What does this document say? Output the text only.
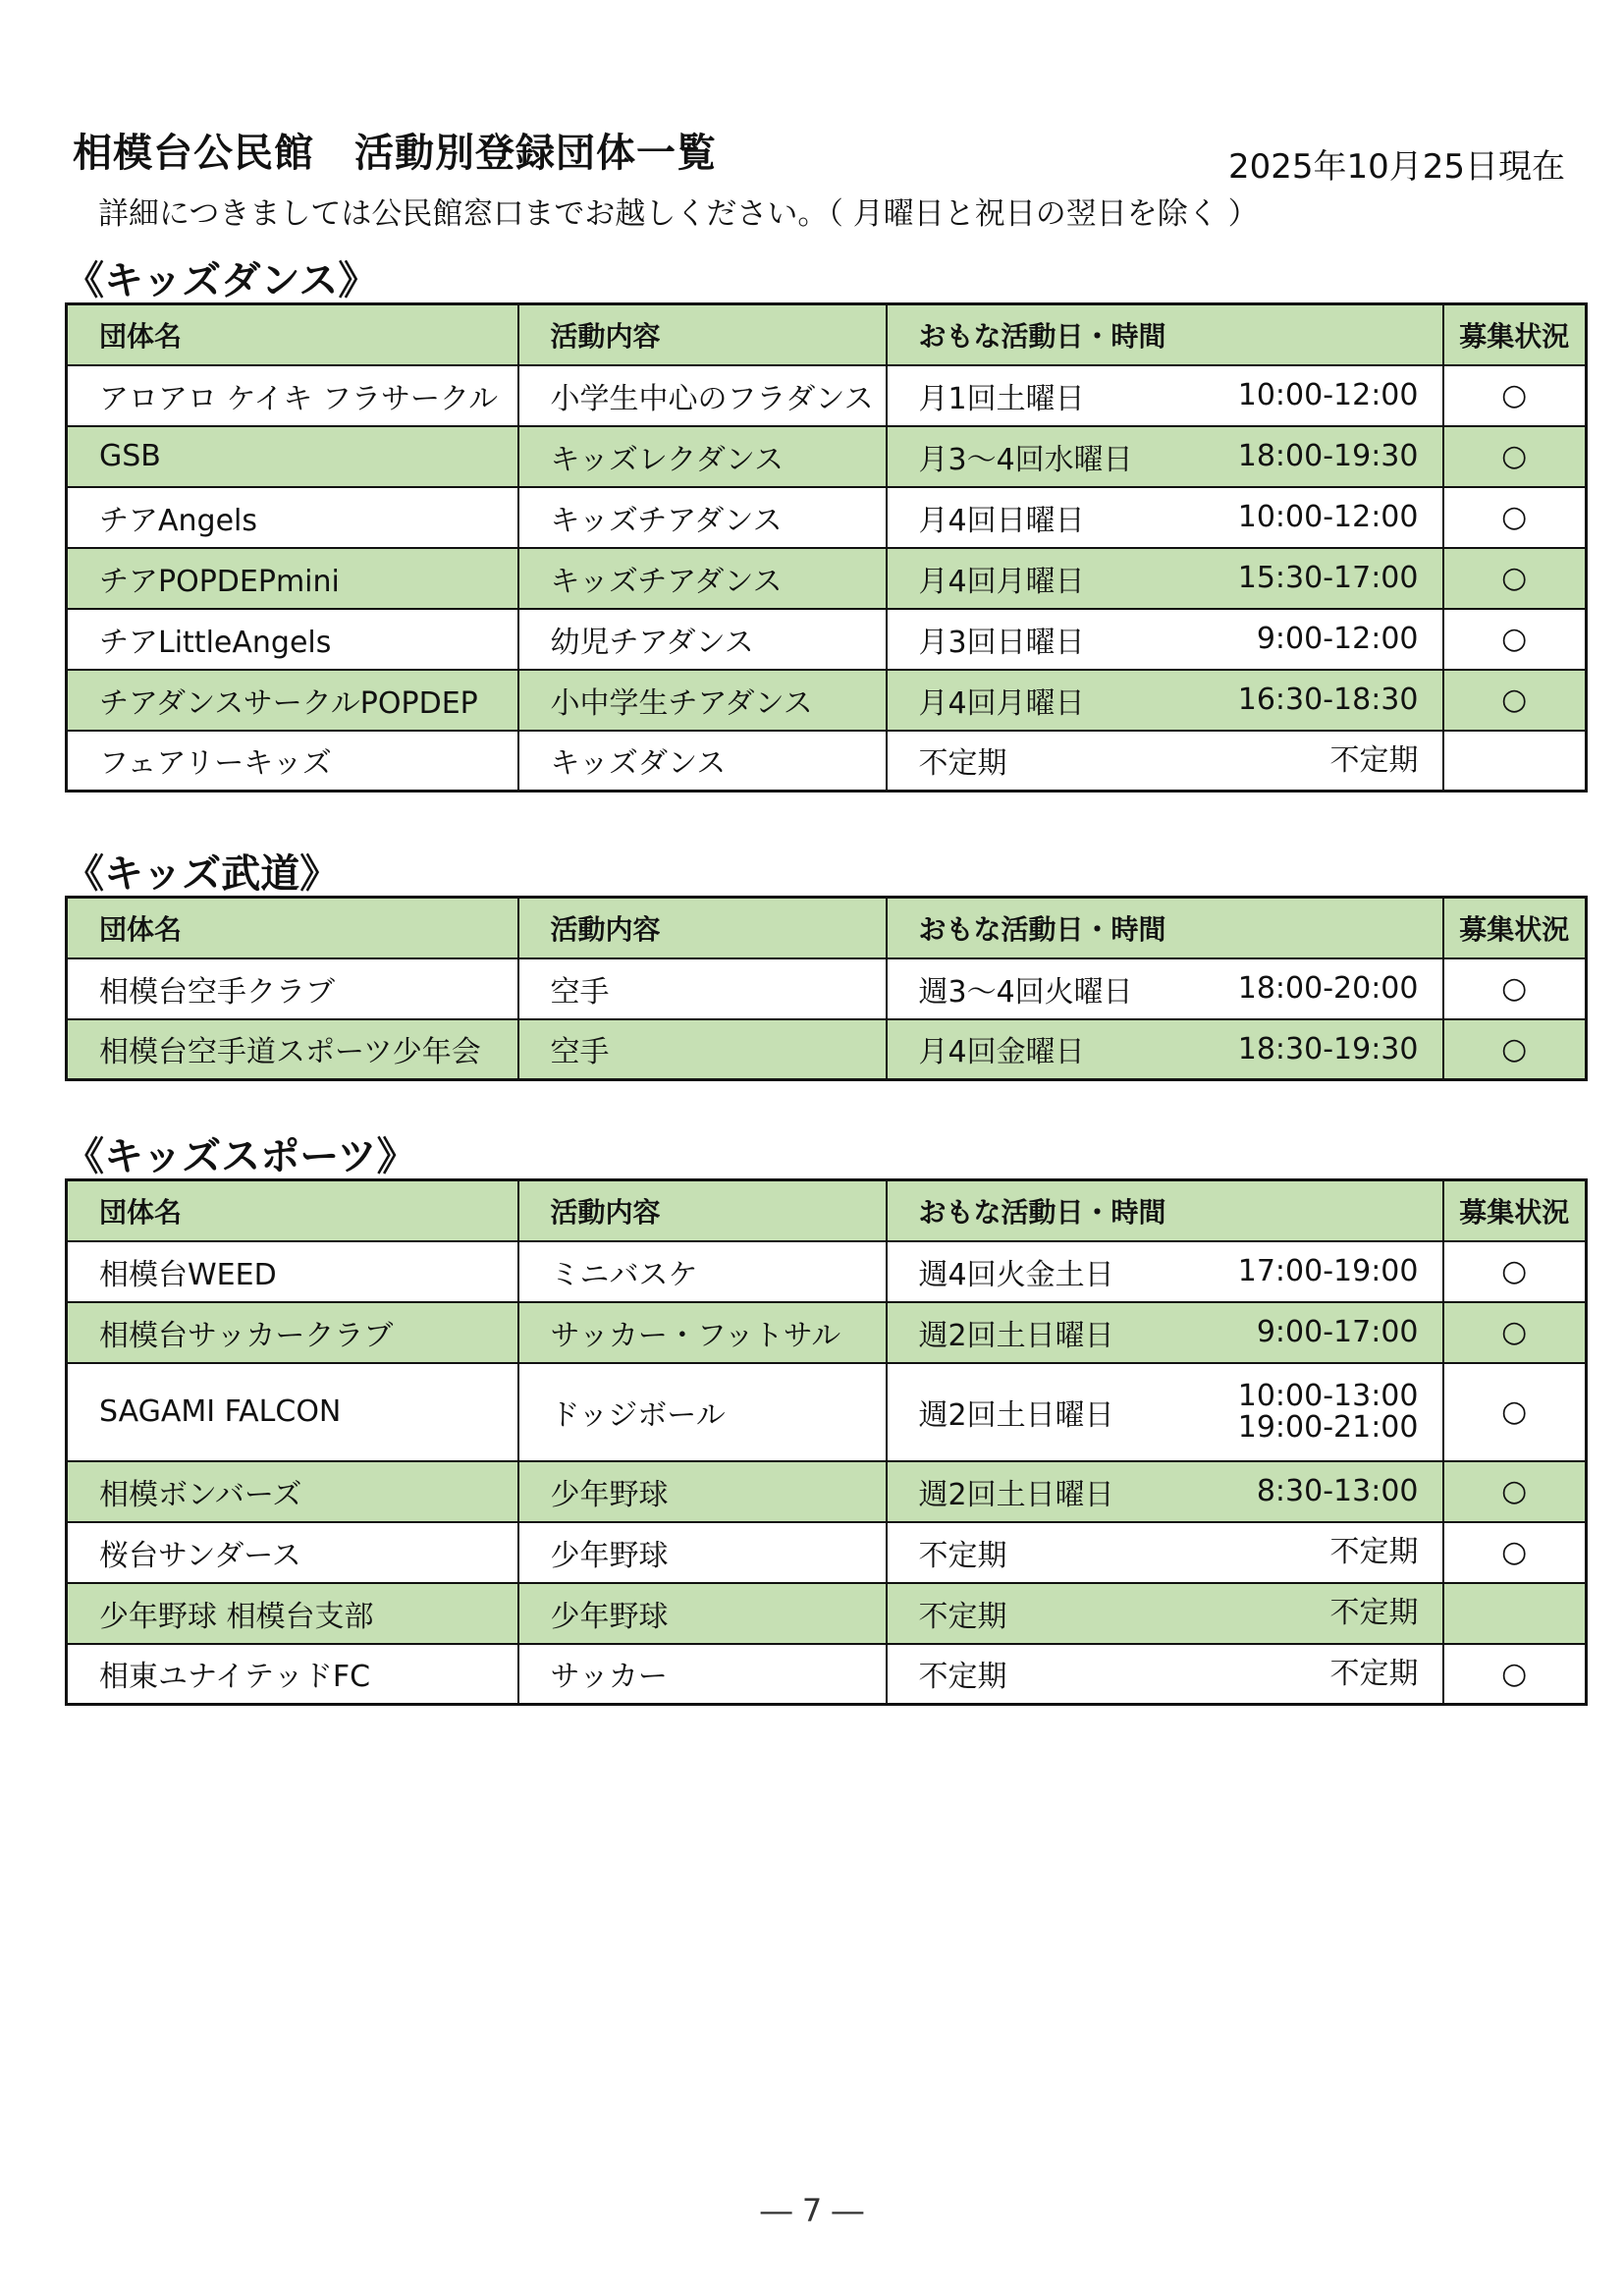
相模台公民館　活動別登録団体一覧	2025年10月25日現在
詳細につきましては公民館窓口までお越しください。（ 月曜日と祝日の翌日を除く ）
《キッズダンス》
団体名	活動内容	おもな活動日・時間	募集状況
アロアロ ケイキ フラサークル	小学生中心のフラダンス	月1回土曜日 10:00-12:00	○
GSB	キッズレクダンス	月3～4回水曜日 18:00-19:30	○
チアAngels	キッズチアダンス	月4回日曜日 10:00-12:00	○
チアPOPDEPmini	キッズチアダンス	月4回月曜日 15:30-17:00	○
チアLittleAngels	幼児チアダンス	月3回日曜日 9:00-12:00	○
チアダンスサークルPOPDEP	小中学生チアダンス	月4回月曜日 16:30-18:30	○
フェアリーキッズ	キッズダンス	不定期 不定期	

《キッズ武道》
団体名	活動内容	おもな活動日・時間	募集状況
相模台空手クラブ	空手	週3～4回火曜日 18:00-20:00	○
相模台空手道スポーツ少年会	空手	月4回金曜日 18:30-19:30	○
《キッズスポーツ》
団体名	活動内容	おもな活動日・時間	募集状況
相模台WEED	ミニバスケ	週4回火金土日 17:00-19:00	○
相模台サッカークラブ	サッカー・フットサル	週2回土日曜日 9:00-17:00	○
SAGAMI FALCON	ドッジボール	週2回土日曜日
10:00-13:00
19:00-21:00	○
相模ボンバーズ	少年野球	週2回土日曜日 8:30-13:00	○
桜台サンダース	少年野球	不定期 不定期	○
少年野球 相模台支部	少年野球	不定期 不定期	

相東ユナイテッドFC	サッカー	不定期 不定期	○
― 7 ―
